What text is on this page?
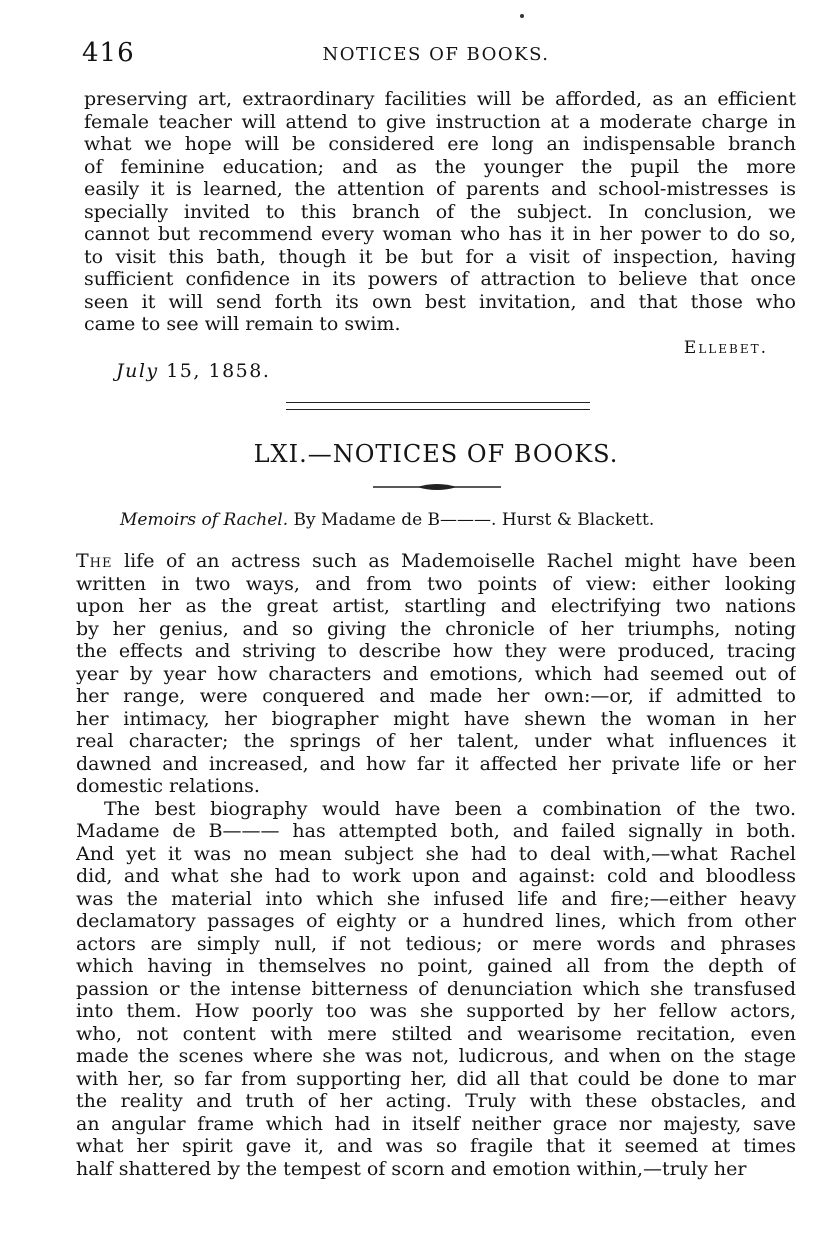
416	NOTICES OF BOOKS.
preserving art, extraordinary facilities will be afforded, as an efficient
female teacher will attend to give instruction at a moderate charge in
what we hope will be considered ere long an indispensable branch
of feminine education; and as the younger the pupil the more
easily it is learned, the attention of parents and school-mistresses is
specially invited to this branch of the subject. In conclusion, we
cannot but recommend every woman who has it in her power to do so,
to visit this bath, though it be but for a visit of inspection, having
sufficient confidence in its powers of attraction to believe that once
seen it will send forth its own best invitation, and that those who
came to see will remain to swim.
Ellebet.
July 15, 1858.
LXI.—NOTICES OF BOOKS.
Memoirs of Rachel. By Madame de B———. Hurst & Blackett.
The life of an actress such as Mademoiselle Rachel might have been
written in two ways, and from two points of view: either looking
upon her as the great artist, startling and electrifying two nations
by her genius, and so giving the chronicle of her triumphs, noting
the effects and striving to describe how they were produced, tracing
year by year how characters and emotions, which had seemed out of
her range, were conquered and made her own:—or, if admitted to
her intimacy, her biographer might have shewn the woman in her
real character; the springs of her talent, under what influences it
dawned and increased, and how far it affected her private life or her
domestic relations.
The best biography would have been a combination of the two.
Madame de B——— has attempted both, and failed signally in both.
And yet it was no mean subject she had to deal with,—what Rachel
did, and what she had to work upon and against: cold and bloodless
was the material into which she infused life and fire;—either heavy
declamatory passages of eighty or a hundred lines, which from other
actors are simply null, if not tedious; or mere words and phrases
which having in themselves no point, gained all from the depth of
passion or the intense bitterness of denunciation which she transfused
into them. How poorly too was she supported by her fellow actors,
who, not content with mere stilted and wearisome recitation, even
made the scenes where she was not, ludicrous, and when on the stage
with her, so far from supporting her, did all that could be done to mar
the reality and truth of her acting. Truly with these obstacles, and
an angular frame which had in itself neither grace nor majesty, save
what her spirit gave it, and was so fragile that it seemed at times
half shattered by the tempest of scorn and emotion within,—truly her
